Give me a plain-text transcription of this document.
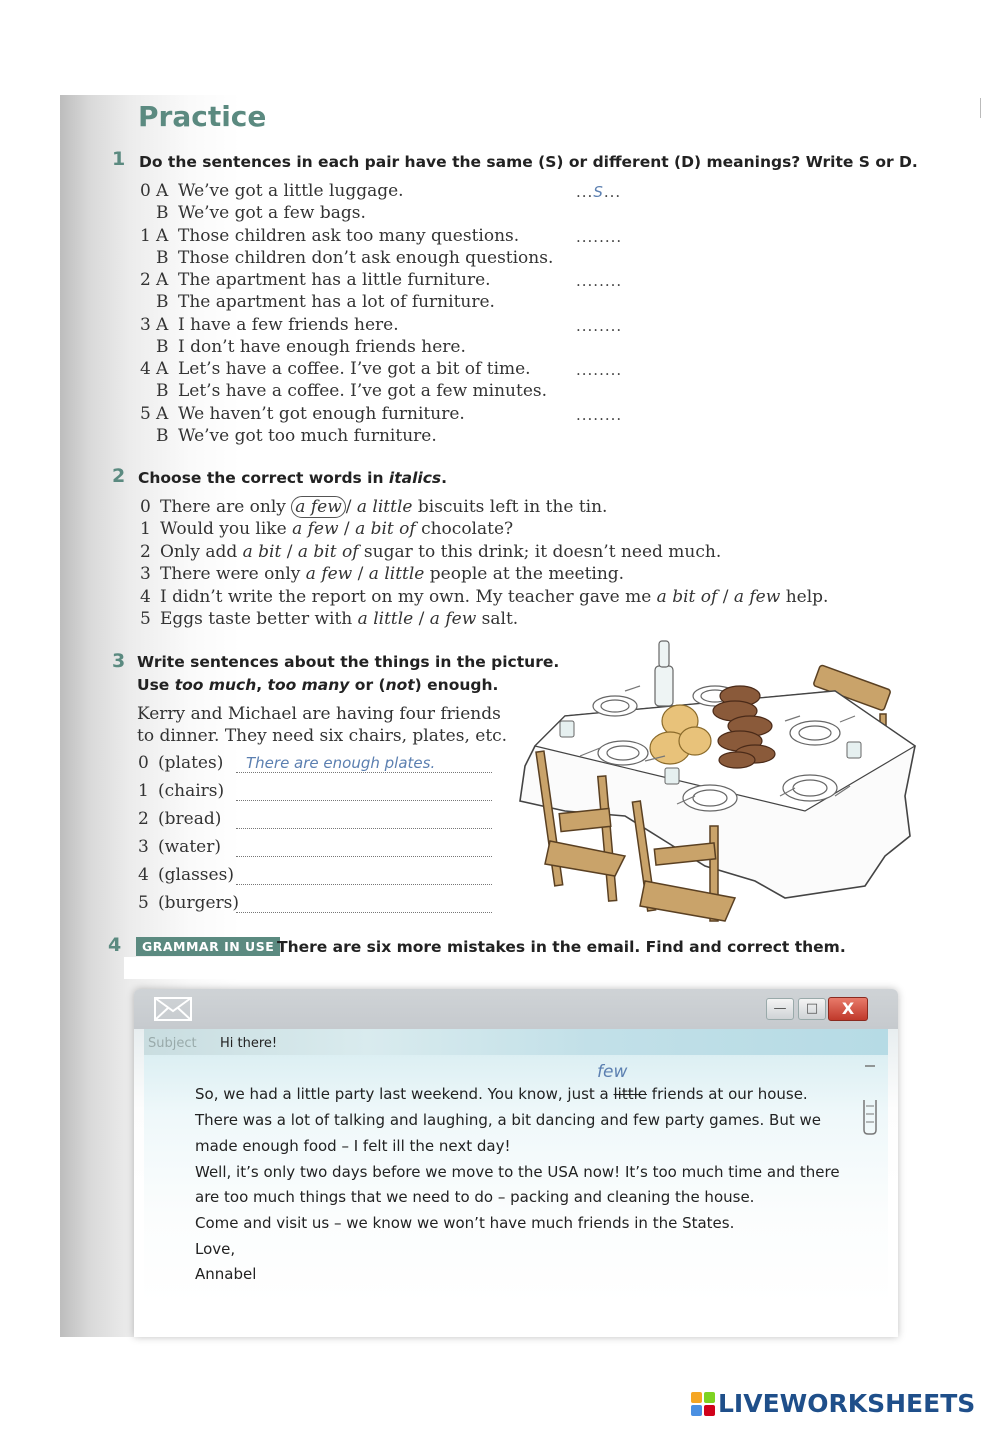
Practice
1 Do the sentences in each pair have the same (S) or different (D) meanings? Write S or D.
0 A We’ve got a little luggage.
B We’ve got a few bags.
...S...
1 A Those children ask too many questions.
B Those children don’t ask enough questions.
........
2 A The apartment has a little furniture.
B The apartment has a lot of furniture.
........
3 A I have a few friends here.
B I don’t have enough friends here.
........
4 A Let’s have a coffee. I’ve got a bit of time.
B Let’s have a coffee. I’ve got a few minutes.
........
5 A We haven’t got enough furniture.
B We’ve got too much furniture.
........
2 Choose the correct words in italics.
0 There are only a few / a little biscuits left in the tin.
1 Would you like a few / a bit of chocolate?
2 Only add a bit / a bit of sugar to this drink; it doesn’t need much.
3 There were only a few / a little people at the meeting.
4 I didn’t write the report on my own. My teacher gave me a bit of / a few help.
5 Eggs taste better with a little / a few salt.
3 Write sentences about the things in the picture.
Use too much, too many or (not) enough.
Kerry and Michael are having four friends
to dinner. They need six chairs, plates, etc.
0 (plates) There are enough plates.
1 (chairs)
2 (bread)
3 (water)
4 (glasses)
5 (burgers)
4	GRAMMAR IN USE There are six more mistakes in the email. Find and correct them.
—	□	X
Subject Hi there!
few
So, we had a little party last weekend. You know, just a little friends at our house.
There was a lot of talking and laughing, a bit dancing and few party games. But we
made enough food – I felt ill the next day!
Well, it’s only two days before we move to the USA now! It’s too much time and there
are too much things that we need to do – packing and cleaning the house.
Come and visit us – we know we won’t have much friends in the States.
Love,
Annabel
LIVEWORKSHEETS
